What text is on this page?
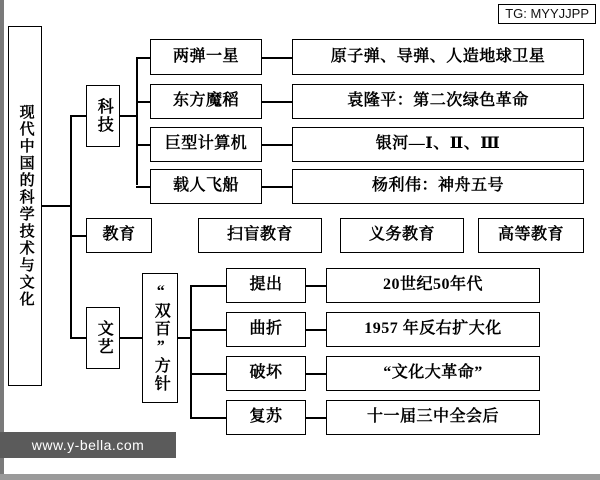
TG: MYYJJPP
www.y-bella.com
现代中国的科学技术与文化	科技
两弹一星	原子弹、导弹、人造地球卫星
东方魔稻	袁隆平：第二次绿色革命
巨型计算机	银河—Ⅰ、Ⅱ、Ⅲ
载人飞船	杨利伟：神舟五号
教育	扫盲教育	义务教育	高等教育
文艺	“双百”方针	提出	20世纪50年代
曲折	1957 年反右扩大化
破坏	“文化大革命”
复苏	十一届三中全会后
